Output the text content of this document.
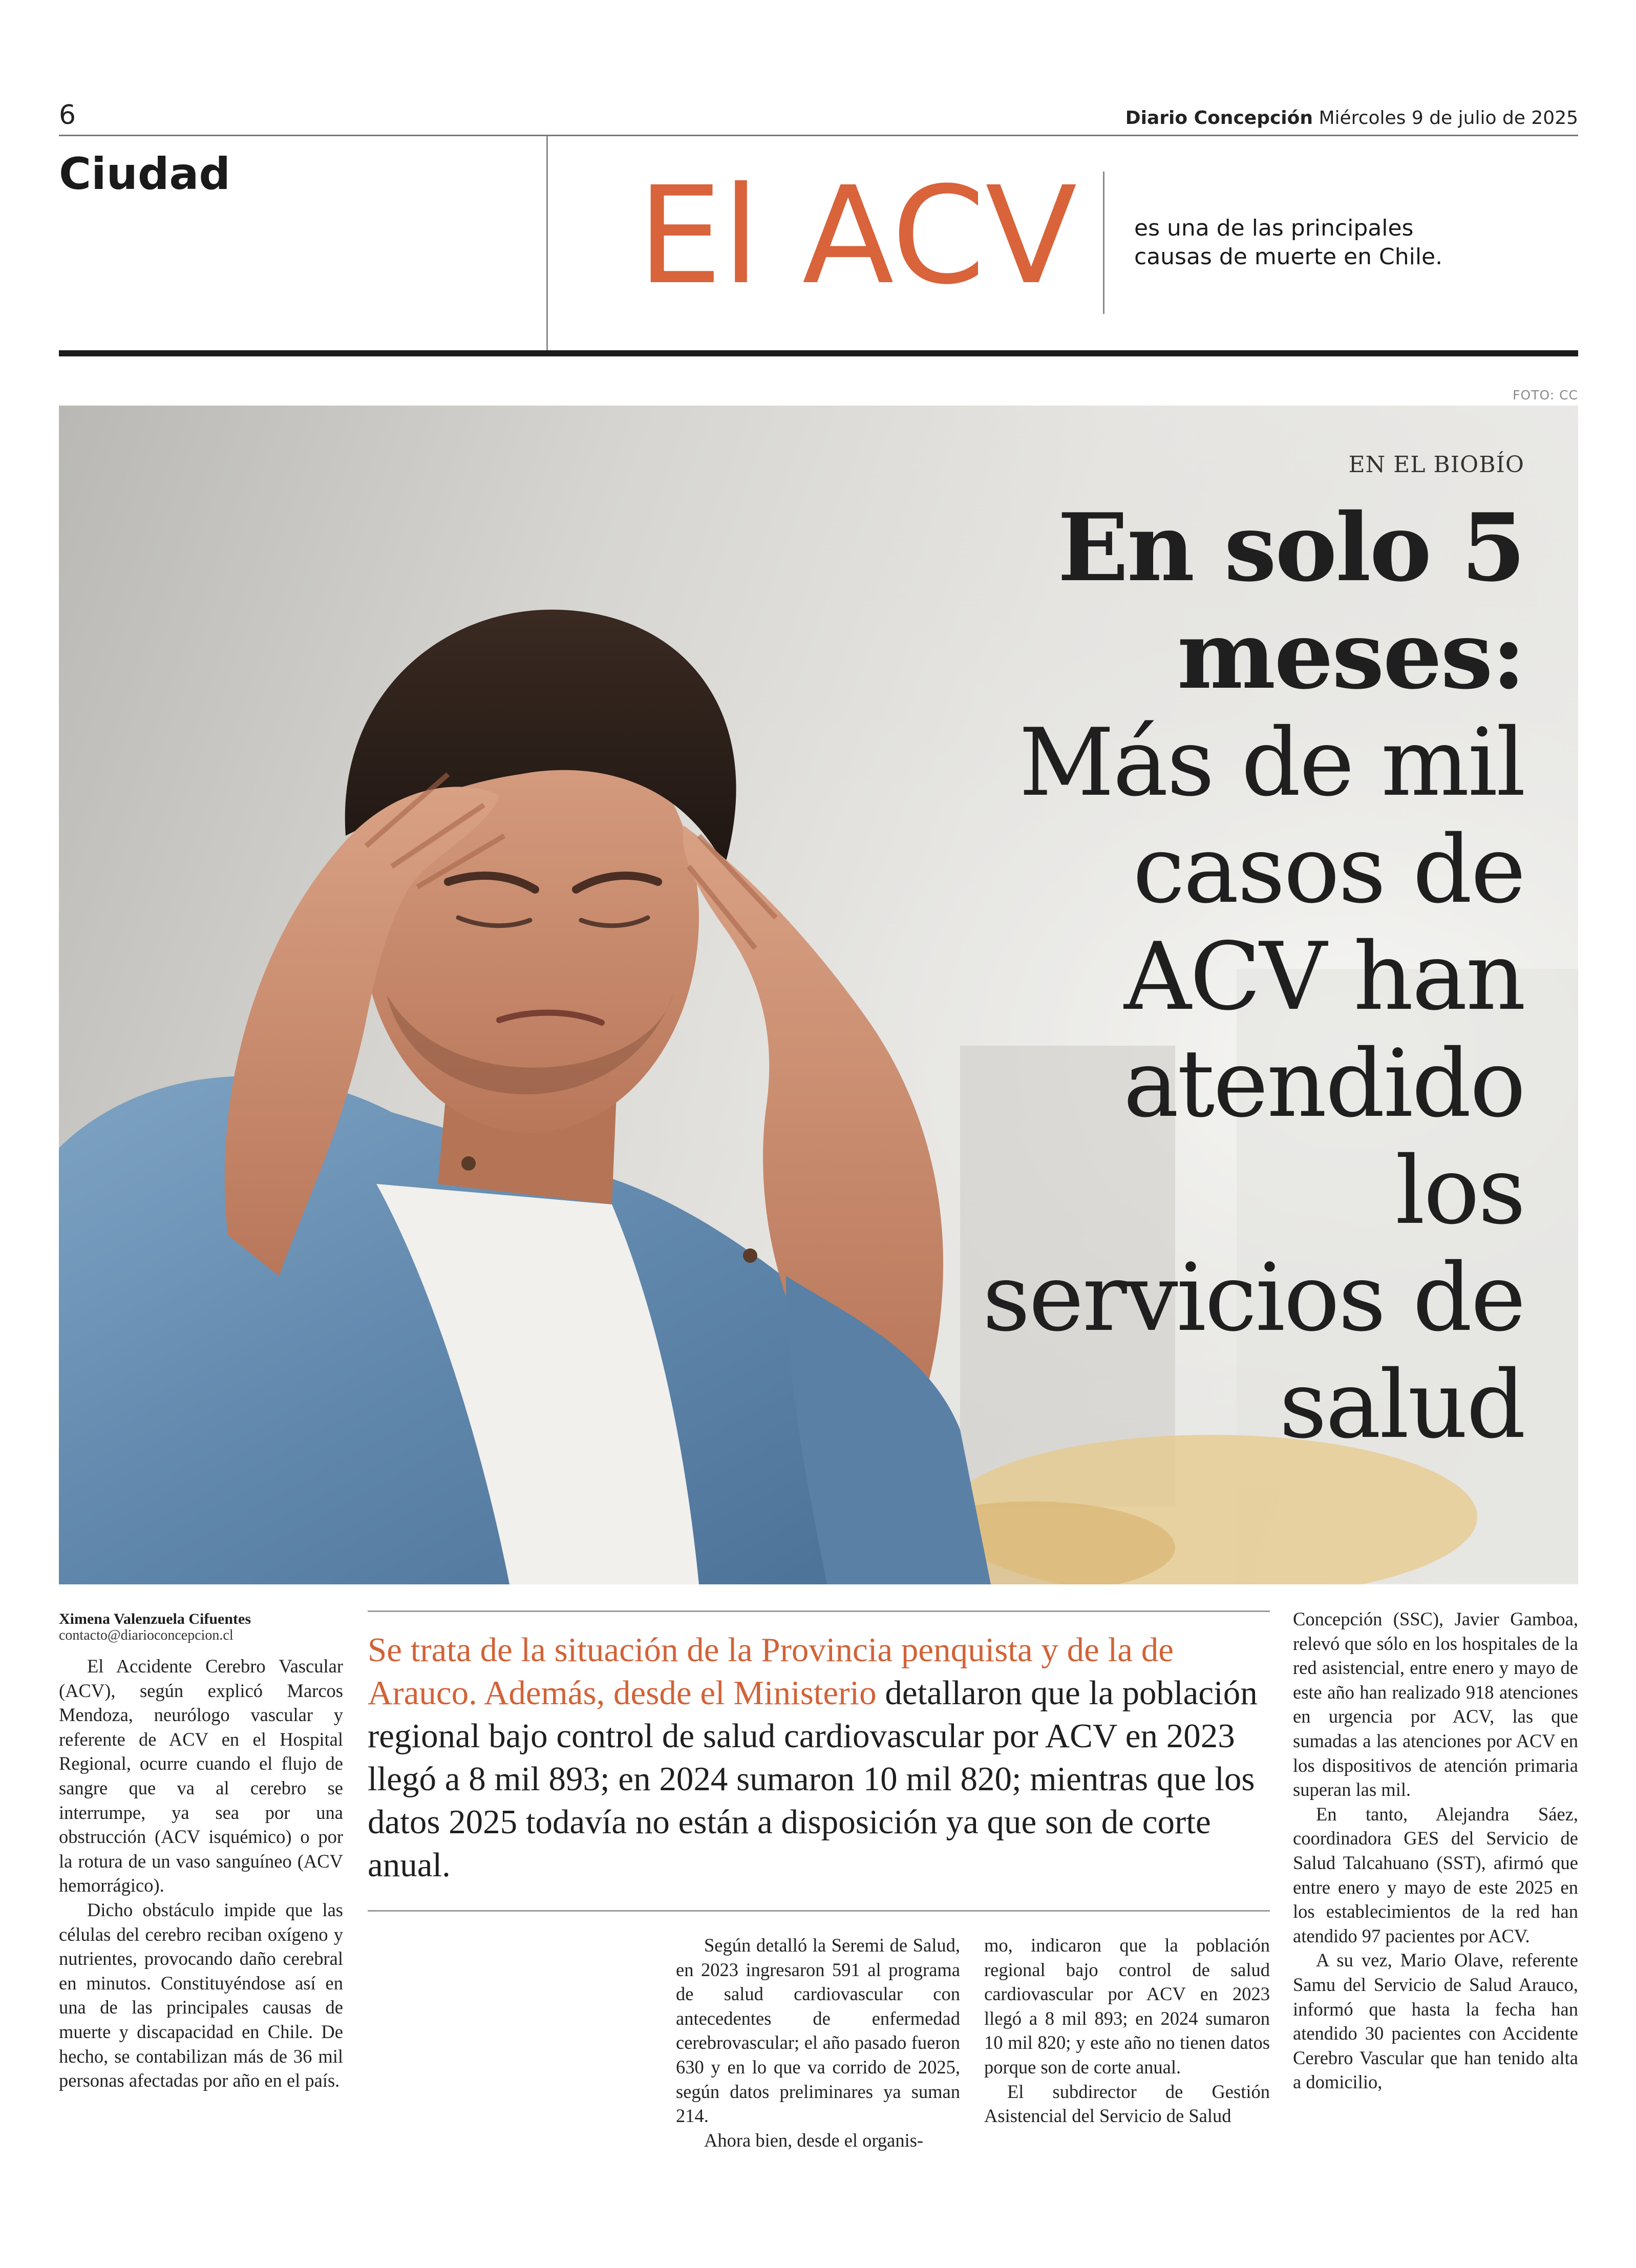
6	Diario Concepción Miércoles 9 de julio de 2025
Ciudad	El ACV	es una de las principales causas de muerte en Chile.
FOTO: CC
EN EL BIOBÍO
En solo 5 meses: Más de mil casos de ACV han atendido los servicios de salud
Ximena Valenzuela Cifuentes
contacto@diarioconcepcion.cl

El Accidente Cerebro Vascular (ACV), según explicó Marcos Mendoza, neurólogo vascular y referente de ACV en el Hospital Regional, ocurre cuando el flujo de sangre que va al cerebro se interrumpe, ya sea por una obstrucción (ACV isquémico) o por la rotura de un vaso sanguíneo (ACV hemorrágico).

Dicho obstáculo impide que las células del cerebro reciban oxígeno y nutrientes, provocando daño cerebral en minutos. Constituyéndose así en una de las principales causas de muerte y discapacidad en Chile. De hecho, se contabilizan más de 36 mil personas afectadas por año en el país.

Se trata de la situación de la Provincia penquista y de la de Arauco. Además, desde el Ministerio detallaron que la población regional bajo control de salud cardiovascular por ACV en 2023 llegó a 8 mil 893; en 2024 sumaron 10 mil 820; mientras que los datos 2025 todavía no están a disposición ya que son de corte anual.

Según detalló la Seremi de Salud, en 2023 ingresaron 591 al programa de salud cardiovascular con antecedentes de enfermedad cerebrovascular; el año pasado fueron 630 y en lo que va corrido de 2025, según datos preliminares ya suman 214.

Ahora bien, desde el organis-

mo, indicaron que la población regional bajo control de salud cardiovascular por ACV en 2023 llegó a 8 mil 893; en 2024 sumaron 10 mil 820; y este año no tienen datos porque son de corte anual.

El subdirector de Gestión Asistencial del Servicio de Salud

Concepción (SSC), Javier Gamboa, relevó que sólo en los hospitales de la red asistencial, entre enero y mayo de este año han realizado 918 atenciones en urgencia por ACV, las que sumadas a las atenciones por ACV en los dispositivos de atención primaria superan las mil.

En tanto, Alejandra Sáez, coordinadora GES del Servicio de Salud Talcahuano (SST), afirmó que entre enero y mayo de este 2025 en los establecimientos de la red han atendido 97 pacientes por ACV.

A su vez, Mario Olave, referente Samu del Servicio de Salud Arauco, informó que hasta la fecha han atendido 30 pacientes con Accidente Cerebro Vascular que han tenido alta a domicilio,
